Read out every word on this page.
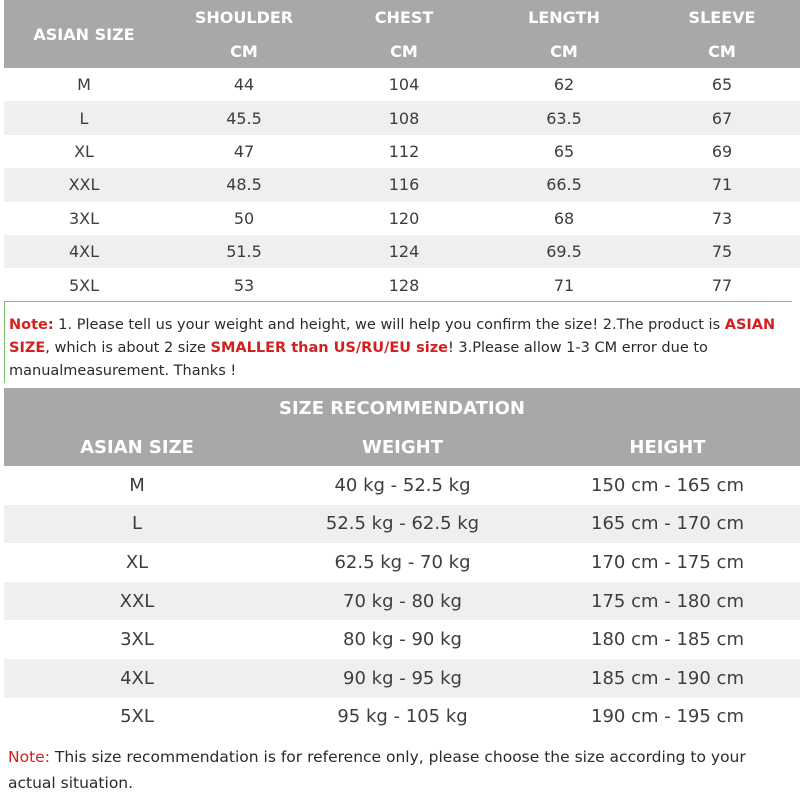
ASIAN SIZE	SHOULDER	CHEST	LENGTH	SLEEVE
	CM	CM	CM	CM
M	44	104	62	65
L	45.5	108	63.5	67
XL	47	112	65	69
XXL	48.5	116	66.5	71
3XL	50	120	68	73
4XL	51.5	124	69.5	75
5XL	53	128	71	77
Note: 1. Please tell us your weight and height, we will help you confirm the size! 2.The product is ASIAN SIZE, which is about 2 size SMALLER than US/RU/EU size! 3.Please allow 1-3 CM error due to manualmeasurement. Thanks !
SIZE RECOMMENDATION		
ASIAN SIZE	WEIGHT	HEIGHT
M	40 kg - 52.5 kg	150 cm - 165 cm
L	52.5 kg - 62.5 kg	165 cm - 170 cm
XL	62.5 kg - 70 kg	170 cm - 175 cm
XXL	70 kg - 80 kg	175 cm - 180 cm
3XL	80 kg - 90 kg	180 cm - 185 cm
4XL	90 kg - 95 kg	185 cm - 190 cm
5XL	95 kg - 105 kg	190 cm - 195 cm
Note: This size recommendation is for reference only, please choose the size according to your actual situation.
